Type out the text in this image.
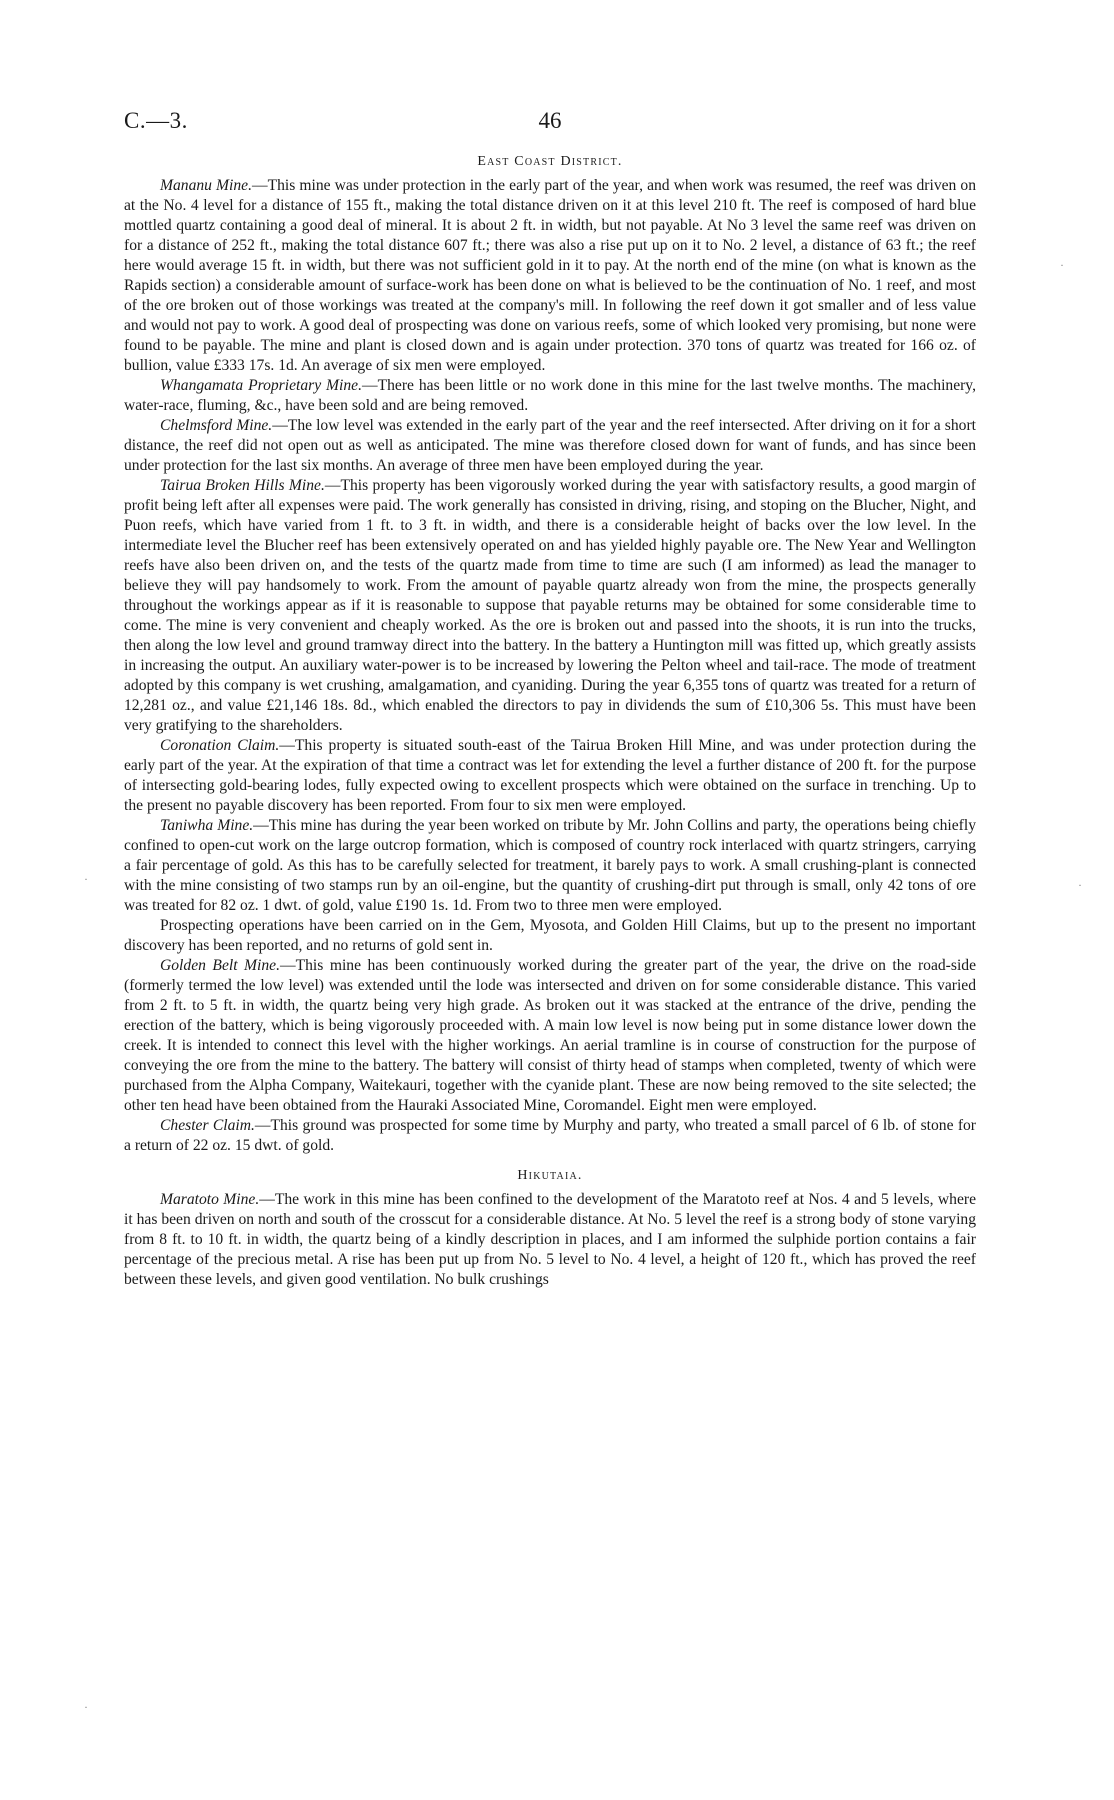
C.—3.	46
East Coast District.

Mananu Mine.—This mine was under protection in the early part of the year, and when work was resumed, the reef was driven on at the No. 4 level for a distance of 155 ft., making the total distance driven on it at this level 210 ft. The reef is composed of hard blue mottled quartz containing a good deal of mineral. It is about 2 ft. in width, but not payable. At No 3 level the same reef was driven on for a distance of 252 ft., making the total distance 607 ft.; there was also a rise put up on it to No. 2 level, a distance of 63 ft.; the reef here would average 15 ft. in width, but there was not sufficient gold in it to pay. At the north end of the mine (on what is known as the Rapids section) a considerable amount of surface-work has been done on what is believed to be the continuation of No. 1 reef, and most of the ore broken out of those workings was treated at the company's mill. In following the reef down it got smaller and of less value and would not pay to work. A good deal of prospecting was done on various reefs, some of which looked very promising, but none were found to be payable. The mine and plant is closed down and is again under protection. 370 tons of quartz was treated for 166 oz. of bullion, value £333 17s. 1d. An average of six men were employed.

Whangamata Proprietary Mine.—There has been little or no work done in this mine for the last twelve months. The machinery, water-race, fluming, &c., have been sold and are being removed.

Chelmsford Mine.—The low level was extended in the early part of the year and the reef intersected. After driving on it for a short distance, the reef did not open out as well as anticipated. The mine was therefore closed down for want of funds, and has since been under protection for the last six months. An average of three men have been employed during the year.

Tairua Broken Hills Mine.—This property has been vigorously worked during the year with satisfactory results, a good margin of profit being left after all expenses were paid. The work generally has consisted in driving, rising, and stoping on the Blucher, Night, and Puon reefs, which have varied from 1 ft. to 3 ft. in width, and there is a considerable height of backs over the low level. In the intermediate level the Blucher reef has been extensively operated on and has yielded highly payable ore. The New Year and Wellington reefs have also been driven on, and the tests of the quartz made from time to time are such (I am informed) as lead the manager to believe they will pay handsomely to work. From the amount of payable quartz already won from the mine, the prospects generally throughout the workings appear as if it is reasonable to suppose that payable returns may be obtained for some considerable time to come. The mine is very convenient and cheaply worked. As the ore is broken out and passed into the shoots, it is run into the trucks, then along the low level and ground tramway direct into the battery. In the battery a Huntington mill was fitted up, which greatly assists in increasing the output. An auxiliary water-power is to be increased by lowering the Pelton wheel and tail-race. The mode of treatment adopted by this company is wet crushing, amalgamation, and cyaniding. During the year 6,355 tons of quartz was treated for a return of 12,281 oz., and value £21,146 18s. 8d., which enabled the directors to pay in dividends the sum of £10,306 5s. This must have been very gratifying to the shareholders.

Coronation Claim.—This property is situated south-east of the Tairua Broken Hill Mine, and was under protection during the early part of the year. At the expiration of that time a contract was let for extending the level a further distance of 200 ft. for the purpose of intersecting gold-bearing lodes, fully expected owing to excellent prospects which were obtained on the surface in trenching. Up to the present no payable discovery has been reported. From four to six men were employed.

Taniwha Mine.—This mine has during the year been worked on tribute by Mr. John Collins and party, the operations being chiefly confined to open-cut work on the large outcrop formation, which is composed of country rock interlaced with quartz stringers, carrying a fair percentage of gold. As this has to be carefully selected for treatment, it barely pays to work. A small crushing-plant is connected with the mine consisting of two stamps run by an oil-engine, but the quantity of crushing-dirt put through is small, only 42 tons of ore was treated for 82 oz. 1 dwt. of gold, value £190 1s. 1d. From two to three men were employed.

Prospecting operations have been carried on in the Gem, Myosota, and Golden Hill Claims, but up to the present no important discovery has been reported, and no returns of gold sent in.

Golden Belt Mine.—This mine has been continuously worked during the greater part of the year, the drive on the road-side (formerly termed the low level) was extended until the lode was intersected and driven on for some considerable distance. This varied from 2 ft. to 5 ft. in width, the quartz being very high grade. As broken out it was stacked at the entrance of the drive, pending the erection of the battery, which is being vigorously proceeded with. A main low level is now being put in some distance lower down the creek. It is intended to connect this level with the higher workings. An aerial tramline is in course of construction for the purpose of conveying the ore from the mine to the battery. The battery will consist of thirty head of stamps when completed, twenty of which were purchased from the Alpha Company, Waitekauri, together with the cyanide plant. These are now being removed to the site selected; the other ten head have been obtained from the Hauraki Associated Mine, Coromandel. Eight men were employed.

Chester Claim.—This ground was prospected for some time by Murphy and party, who treated a small parcel of 6 lb. of stone for a return of 22 oz. 15 dwt. of gold.

Hikutaia.

Maratoto Mine.—The work in this mine has been confined to the development of the Maratoto reef at Nos. 4 and 5 levels, where it has been driven on north and south of the crosscut for a considerable distance. At No. 5 level the reef is a strong body of stone varying from 8 ft. to 10 ft. in width, the quartz being of a kindly description in places, and I am informed the sulphide portion contains a fair percentage of the precious metal. A rise has been put up from No. 5 level to No. 4 level, a height of 120 ft., which has proved the reef between these levels, and given good ventilation. No bulk crushings

·
·	·
·
